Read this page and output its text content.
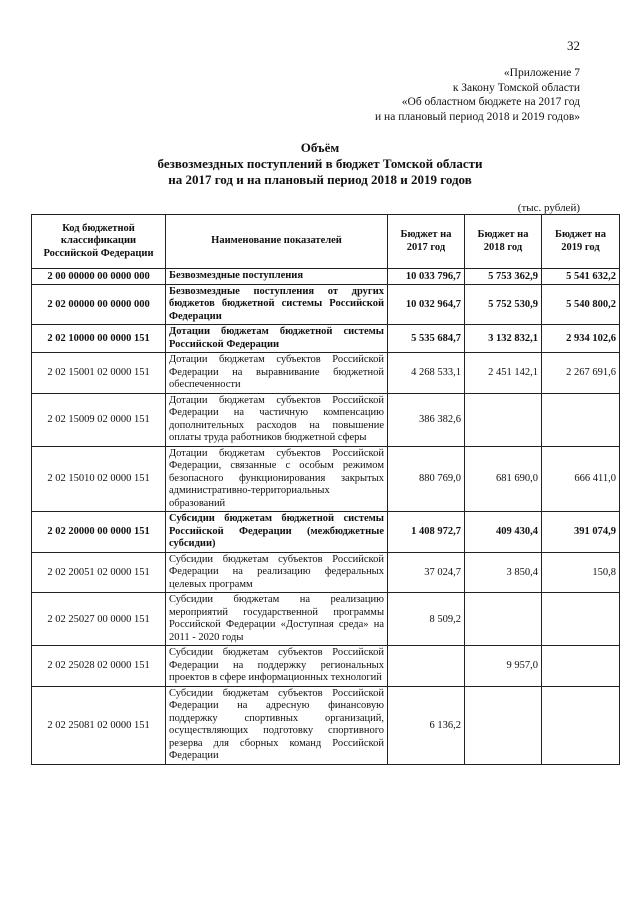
32
«Приложение 7
к Закону Томской области
«Об областном бюджете на 2017 год
и на плановый период 2018 и 2019 годов»
Объём
безвозмездных поступлений в бюджет Томской области
на 2017 год и на плановый период 2018 и 2019 годов
(тыс. рублей)
Код бюджетной классификации Российской Федерации	Наименование показателей	Бюджет на 2017 год	Бюджет на 2018 год	Бюджет на 2019 год
2 00 00000 00 0000 000	Безвозмездные поступления	10 033 796,7	5 753 362,9	5 541 632,2
2 02 00000 00 0000 000	Безвозмездные поступления от других бюджетов бюджетной системы Российской Федерации	10 032 964,7	5 752 530,9	5 540 800,2
2 02 10000 00 0000 151	Дотации бюджетам бюджетной системы Российской Федерации	5 535 684,7	3 132 832,1	2 934 102,6
2 02 15001 02 0000 151	Дотации бюджетам субъектов Российской Федерации на выравнивание бюджетной обеспеченности	4 268 533,1	2 451 142,1	2 267 691,6
2 02 15009 02 0000 151	Дотации бюджетам субъектов Российской Федерации на частичную компенсацию дополнительных расходов на повышение оплаты труда работников бюджетной сферы	386 382,6		
2 02 15010 02 0000 151	Дотации бюджетам субъектов Российской Федерации, связанные с особым режимом безопасного функционирования закрытых административно-территориальных образований	880 769,0	681 690,0	666 411,0
2 02 20000 00 0000 151	Субсидии бюджетам бюджетной системы Российской Федерации (межбюджетные субсидии)	1 408 972,7	409 430,4	391 074,9
2 02 20051 02 0000 151	Субсидии бюджетам субъектов Российской Федерации на реализацию федеральных целевых программ	37 024,7	3 850,4	150,8
2 02 25027 00 0000 151	Субсидии бюджетам на реализацию мероприятий государственной программы Российской Федерации «Доступная среда» на 2011 - 2020 годы	8 509,2		
2 02 25028 02 0000 151	Субсидии бюджетам субъектов Российской Федерации на поддержку региональных проектов в сфере информационных технологий		9 957,0	
2 02 25081 02 0000 151	Субсидии бюджетам субъектов Российской Федерации на адресную финансовую поддержку спортивных организаций, осуществляющих подготовку спортивного резерва для сборных команд Российской Федерации	6 136,2		
